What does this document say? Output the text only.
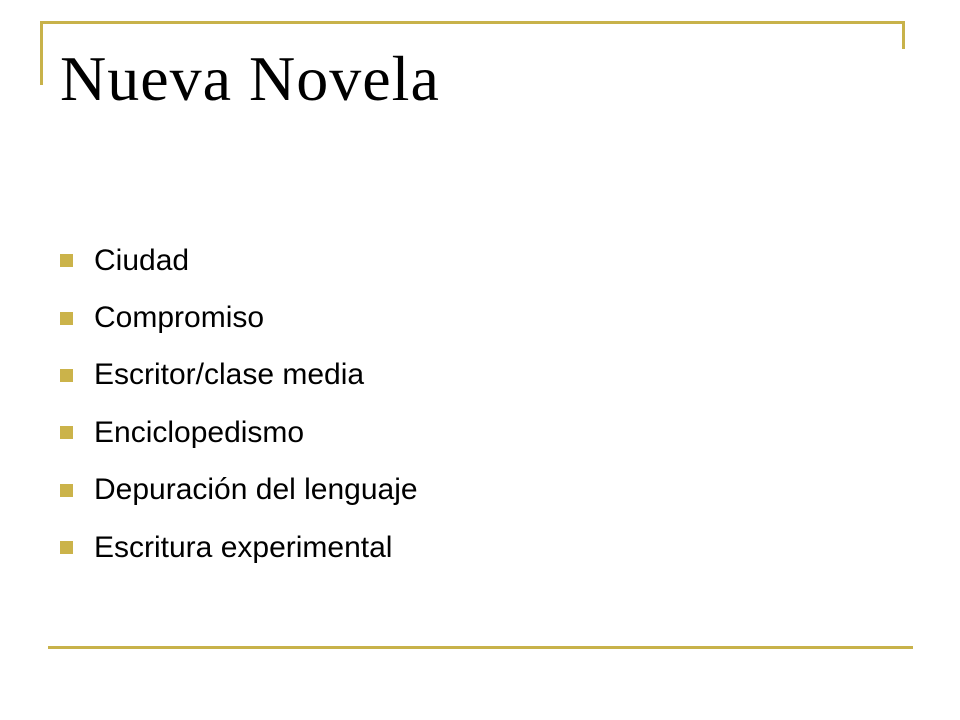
Nueva Novela
Ciudad
Compromiso
Escritor/clase media
Enciclopedismo
Depuración del lenguaje
Escritura experimental
